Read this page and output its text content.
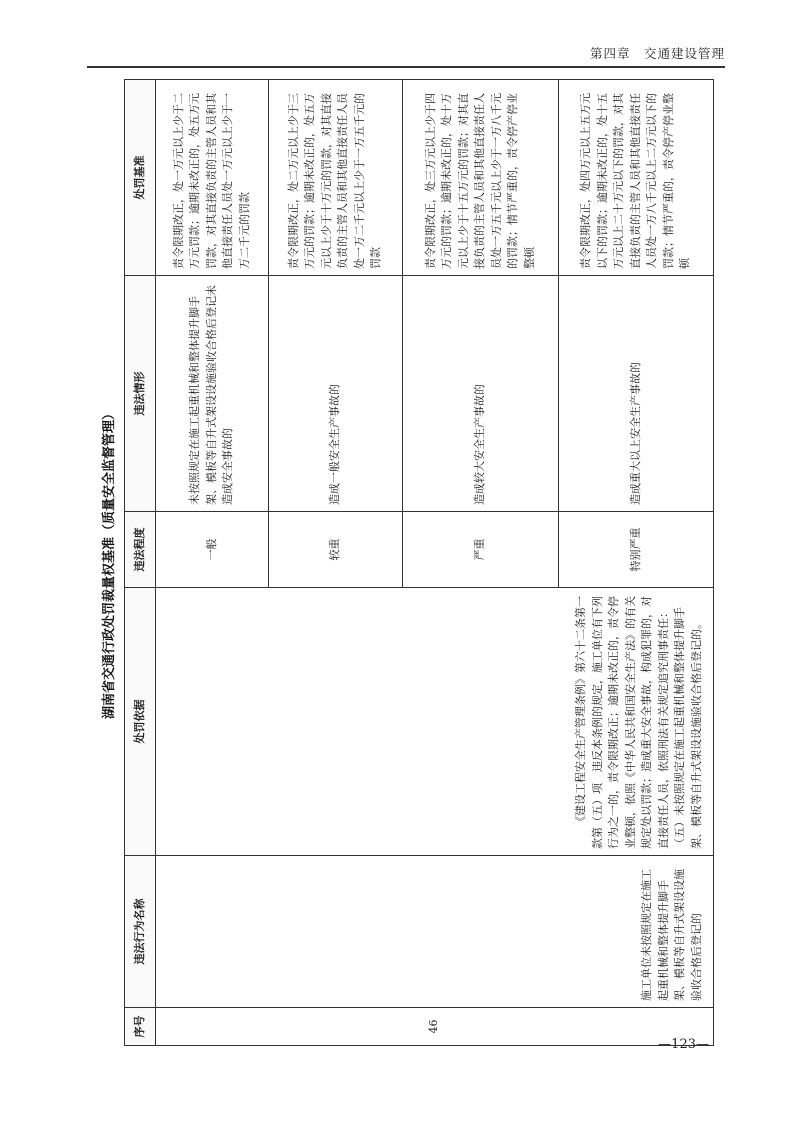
第四章　交通建设管理
湖南省交通行政处罚裁量权基准（质量安全监督管理）
序号	违法行为名称	处罚依据	违法程度	违法情形	处罚基准
46	施工单位未按照规定在施工起重机械和整体提升脚手架、模板等自升式架设设施验收合格后登记的	《建设工程安全生产管理条例》第六十二条第一款第（五）项　违反本条例的规定，施工单位有下列行为之一的，责令限期改正；逾期未改正的，责令停业整顿，依照《中华人民共和国安全生产法》的有关规定处以罚款；造成重大安全事故，构成犯罪的，对直接责任人员，依照刑法有关规定追究刑事责任： （五）未按照规定在施工起重机械和整体提升脚手架、模板等自升式架设设施验收合格后登记的。	一般	未按照规定在施工起重机械和整体提升脚手架、模板等自升式架设设施验收合格后登记未造成安全事故的	责令限期改正，处一万元以上少于二万元罚款；逾期未改正的，处五万元罚款，对其直接负责的主管人员和其他直接责任人员处一万元以上少于一万二千元的罚款
			较重	造成一般安全生产事故的	责令限期改正，处二万元以上少于三万元的罚款；逾期未改正的，处五万元以上少于十万元的罚款，对其直接负责的主管人员和其他直接责任人员处一万二千元以上少于一万五千元的罚款
			严重	造成较大安全生产事故的	责令限期改正，处三万元以上少于四万元的罚款；逾期未改正的，处十万元以上少于十五万元的罚款；对其直接负责的主管人员和其他直接责任人员处一万五千元以上少于一万八千元的罚款；情节严重的，责令停产停业整顿
			特别严重	造成重大以上安全生产事故的	责令限期改正，处四万元以上五万元以下的罚款；逾期未改正的，处十五万元以上二十万元以下的罚款，对其直接负责的主管人员和其他直接责任人员处一万八千元以上二万元以下的罚款；情节严重的，责令停产停业整顿
—123—
